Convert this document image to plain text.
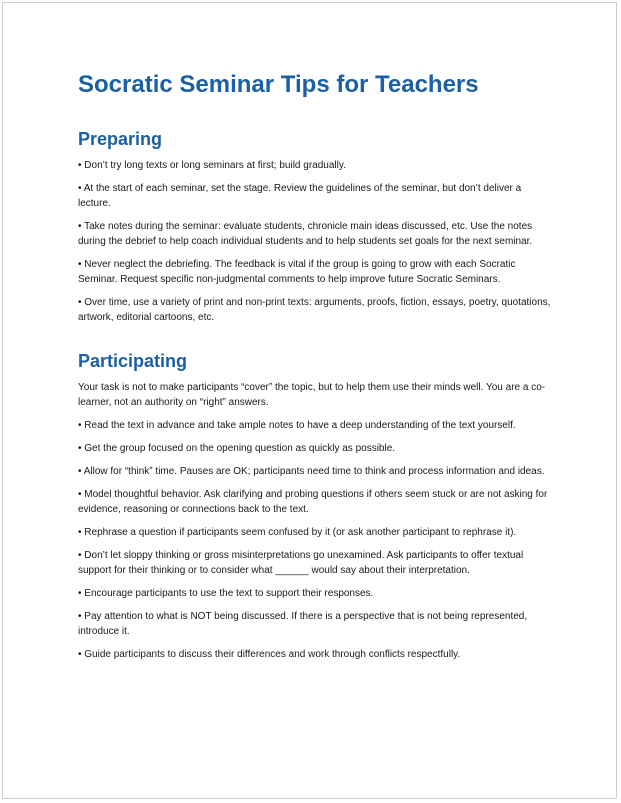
Socratic Seminar Tips for Teachers
Preparing

• Don’t try long texts or long seminars at first; build gradually.

• At the start of each seminar, set the stage. Review the guidelines of the seminar, but don’t deliver a lecture.

• Take notes during the seminar: evaluate students, chronicle main ideas discussed, etc. Use the notes during the debrief to help coach individual students and to help students set goals for the next seminar.

• Never neglect the debriefing. The feedback is vital if the group is going to grow with each Socratic Seminar. Request specific non-judgmental comments to help improve future Socratic Seminars.

• Over time, use a variety of print and non-print texts: arguments, proofs, fiction, essays, poetry, quotations, artwork, editorial cartoons, etc.

Participating

Your task is not to make participants “cover” the topic, but to help them use their minds well. You are a co-learner, not an authority on “right” answers.

• Read the text in advance and take ample notes to have a deep understanding of the text yourself.

• Get the group focused on the opening question as quickly as possible.

• Allow for “think” time. Pauses are OK; participants need time to think and process information and ideas.

• Model thoughtful behavior. Ask clarifying and probing questions if others seem stuck or are not asking for evidence, reasoning or connections back to the text.

• Rephrase a question if participants seem confused by it (or ask another participant to rephrase it).

• Don’t let sloppy thinking or gross misinterpretations go unexamined. Ask participants to offer textual support for their thinking or to consider what ______ would say about their interpretation.

• Encourage participants to use the text to support their responses.

• Pay attention to what is NOT being discussed. If there is a perspective that is not being represented, introduce it.

• Guide participants to discuss their differences and work through conflicts respectfully.
